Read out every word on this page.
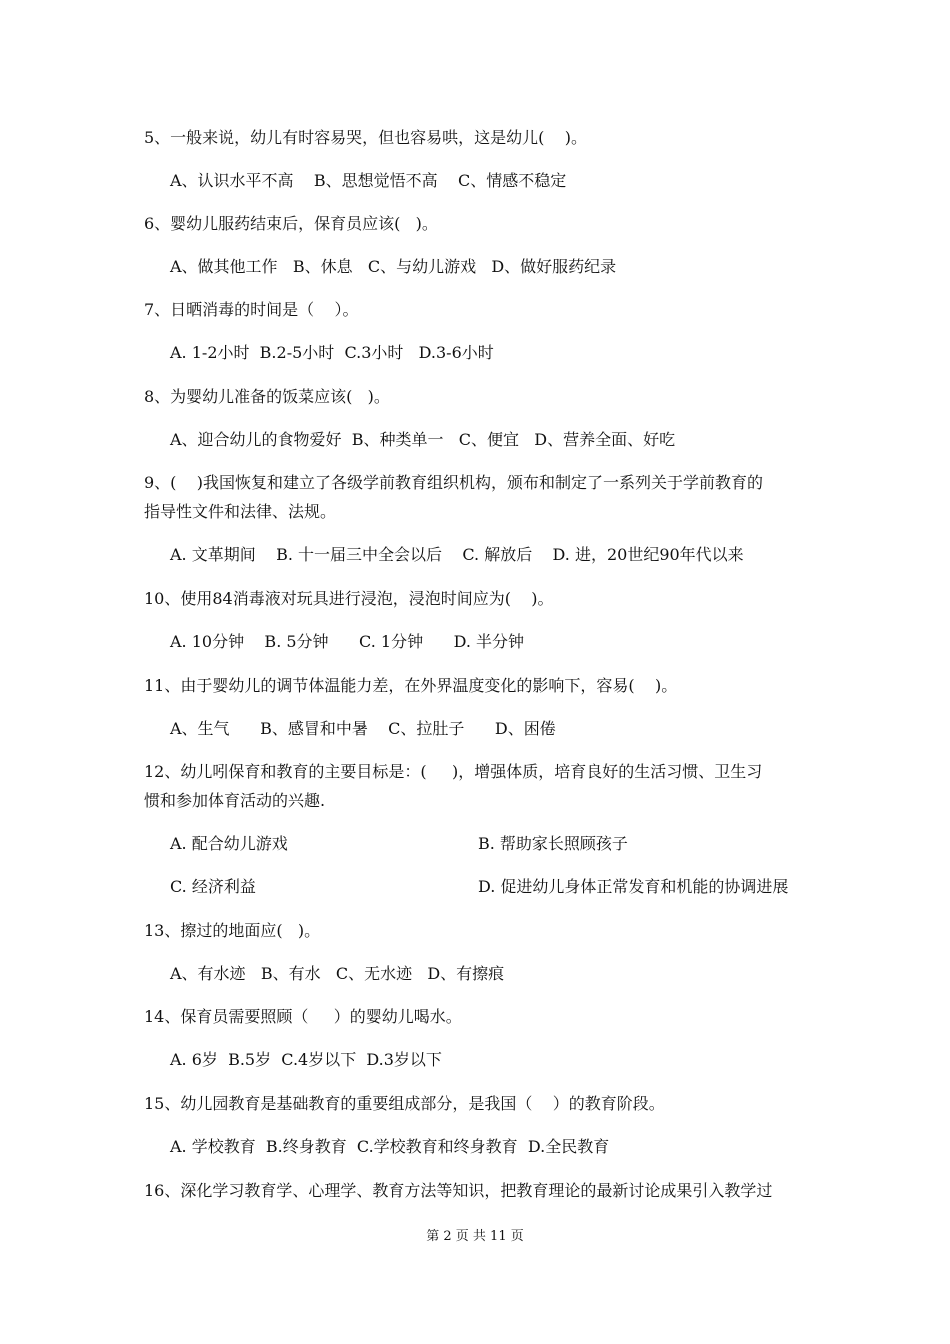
5、一般来说，幼儿有时容易哭，但也容易哄，这是幼儿(    )。
A、认识水平不高    B、思想觉悟不高    C、情感不稳定
6、婴幼儿服药结束后，保育员应该(   )。
A、做其他工作   B、休息   C、与幼儿游戏   D、做好服药纪录
7、日晒消毒的时间是（    ）。
A. 1-2小时  B.2-5小时  C.3小时   D.3-6小时
8、为婴幼儿准备的饭菜应该(   )。
A、迎合幼儿的食物爱好  B、种类单一   C、便宜   D、营养全面、好吃
9、(    )我国恢复和建立了各级学前教育组织机构，颁布和制定了一系列关于学前教育的
指导性文件和法律、法规。
A. 文革期间    B. 十一届三中全会以后    C. 解放后    D. 进，20世纪90年代以来
10、使用84消毒液对玩具进行浸泡，浸泡时间应为(    )。
A. 10分钟    B. 5分钟      C. 1分钟      D. 半分钟
11、由于婴幼儿的调节体温能力差，在外界温度变化的影响下，容易(    )。
A、生气      B、感冒和中暑    C、拉肚子      D、困倦
12、幼儿吲保育和教育的主要目标是：(     )，增强体质，培育良好的生活习惯、卫生习
惯和参加体育活动的兴趣.
A. 配合幼儿游戏	B. 帮助家长照顾孩子
C. 经济利益	D. 促进幼儿身体正常发育和机能的协调进展
13、擦过的地面应(   )。
A、有水迹   B、有水   C、无水迹   D、有擦痕
14、保育员需要照顾（     ）的婴幼儿喝水。
A. 6岁  B.5岁  C.4岁以下  D.3岁以下
15、幼儿园教育是基础教育的重要组成部分，是我国（    ）的教育阶段。
A. 学校教育  B.终身教育  C.学校教育和终身教育  D.全民教育
16、深化学习教育学、心理学、教育方法等知识，把教育理论的最新讨论成果引入教学过
第 2 页 共 11 页
